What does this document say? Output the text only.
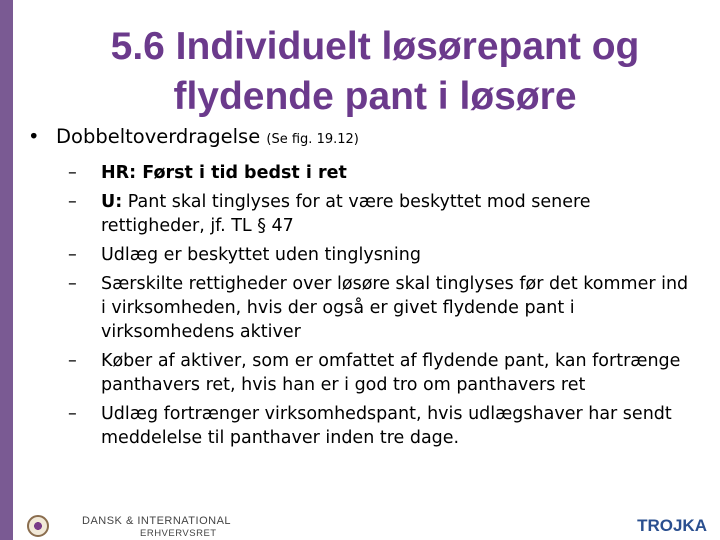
5.6 Individuelt løsørepant og
flydende pant i løsøre
• Dobbeltoverdragelse (Se fig. 19.12)
– HR: Først i tid bedst i ret
– U: Pant skal tinglyses for at være beskyttet mod senere rettigheder, jf. TL § 47
– Udlæg er beskyttet uden tinglysning
– Særskilte rettigheder over løsøre skal tinglyses før det kommer ind i virksomheden, hvis der også er givet flydende pant i virksomhedens aktiver
– Køber af aktiver, som er omfattet af flydende pant, kan fortrænge panthavers ret, hvis han er i god tro om panthavers ret
– Udlæg fortrænger virksomhedspant, hvis udlægshaver har sendt meddelelse til panthaver inden tre dage.
DANSK & INTERNATIONAL
ERHVERVSRET	TROJKA
